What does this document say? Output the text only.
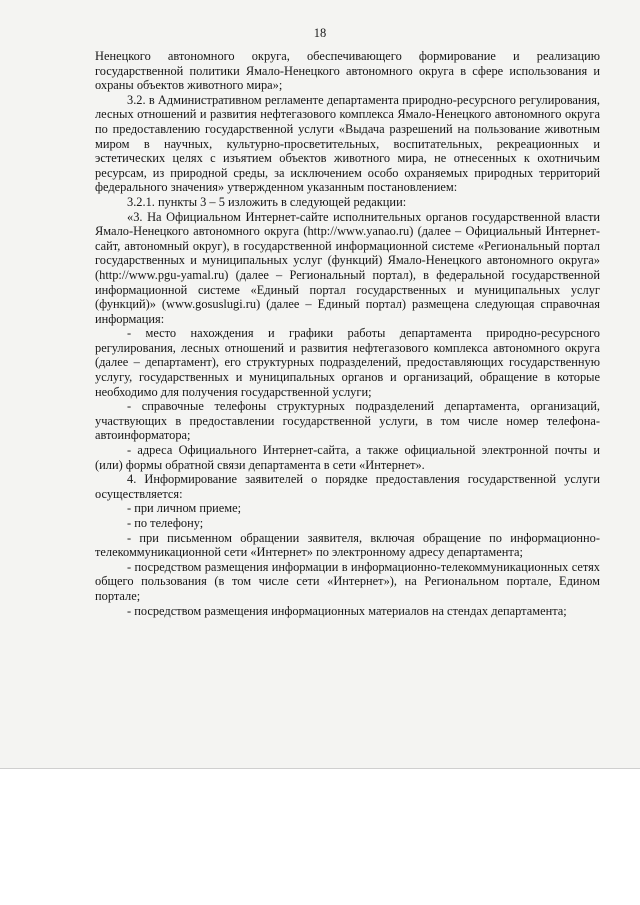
18

Ненецкого автономного округа, обеспечивающего формирование и реализацию государственной политики Ямало-Ненецкого автономного округа в сфере использования и охраны объектов животного мира»;

3.2. в Административном регламенте департамента природно-ресурсного регулирования, лесных отношений и развития нефтегазового комплекса Ямало-Ненецкого автономного округа по предоставлению государственной услуги «Выдача разрешений на пользование животным миром в научных, культурно-просветительных, воспитательных, рекреационных и эстетических целях с изъятием объектов животного мира, не отнесенных к охотничьим ресурсам, из природной среды, за исключением особо охраняемых природных территорий федерального значения» утвержденном указанным постановлением:

3.2.1. пункты 3 – 5 изложить в следующей редакции:

«3. На Официальном Интернет-сайте исполнительных органов государственной власти Ямало-Ненецкого автономного округа (http://www.yanao.ru) (далее – Официальный Интернет-сайт, автономный округ), в государственной информационной системе «Региональный портал государственных и муниципальных услуг (функций) Ямало-Ненецкого автономного округа» (http://www.pgu-yamal.ru) (далее – Региональный портал), в федеральной государственной информационной системе «Единый портал государственных и муниципальных услуг (функций)» (www.gosuslugi.ru) (далее – Единый портал) размещена следующая справочная информация:

- место нахождения и графики работы департамента природно-ресурсного регулирования, лесных отношений и развития нефтегазового комплекса автономного округа (далее – департамент), его структурных подразделений, предоставляющих государственную услугу, государственных и муниципальных органов и организаций, обращение в которые необходимо для получения государственной услуги;

- справочные телефоны структурных подразделений департамента, организаций, участвующих в предоставлении государственной услуги, в том числе номер телефона-автоинформатора;

- адреса Официального Интернет-сайта, а также официальной электронной почты и (или) формы обратной связи департамента в сети «Интернет».

4. Информирование заявителей о порядке предоставления государственной услуги осуществляется:

- при личном приеме;

- по телефону;

- при письменном обращении заявителя, включая обращение по информационно-телекоммуникационной сети «Интернет» по электронному адресу департамента;

- посредством размещения информации в информационно-телекоммуникационных сетях общего пользования (в том числе сети «Интернет»), на Региональном портале, Едином портале;

- посредством размещения информационных материалов на стендах департамента;
